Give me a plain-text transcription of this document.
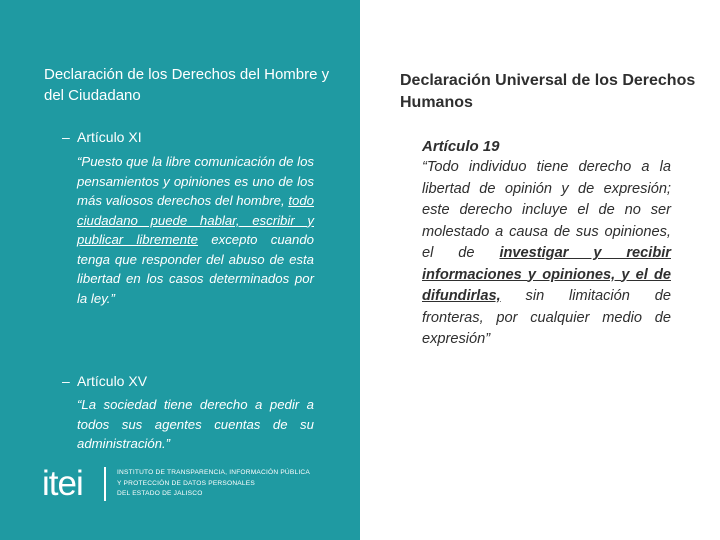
Declaración de los Derechos del Hombre y del Ciudadano
– Artículo XI

“Puesto que la libre comunicación de los pensamientos y opiniones es uno de los más valiosos derechos del hombre, todo ciudadano puede hablar, escribir y publicar libremente excepto cuando tenga que responder del abuso de esta libertad en los casos determinados por la ley.”

– Artículo XV

“La sociedad tiene derecho a pedir a todos sus agentes cuentas de su administración.”

itei	INSTITUTO DE TRANSPARENCIA, INFORMACIÓN PÚBLICA
Y PROTECCIÓN DE DATOS PERSONALES
DEL ESTADO DE JALISCO
Declaración Universal de los Derechos Humanos
Artículo 19

“Todo individuo tiene derecho a la libertad de opinión y de expresión; este derecho incluye el de no ser molestado a causa de sus opiniones, el de investigar y recibir informaciones y opiniones, y el de difundirlas, sin limitación de fronteras, por cualquier medio de expresión”
